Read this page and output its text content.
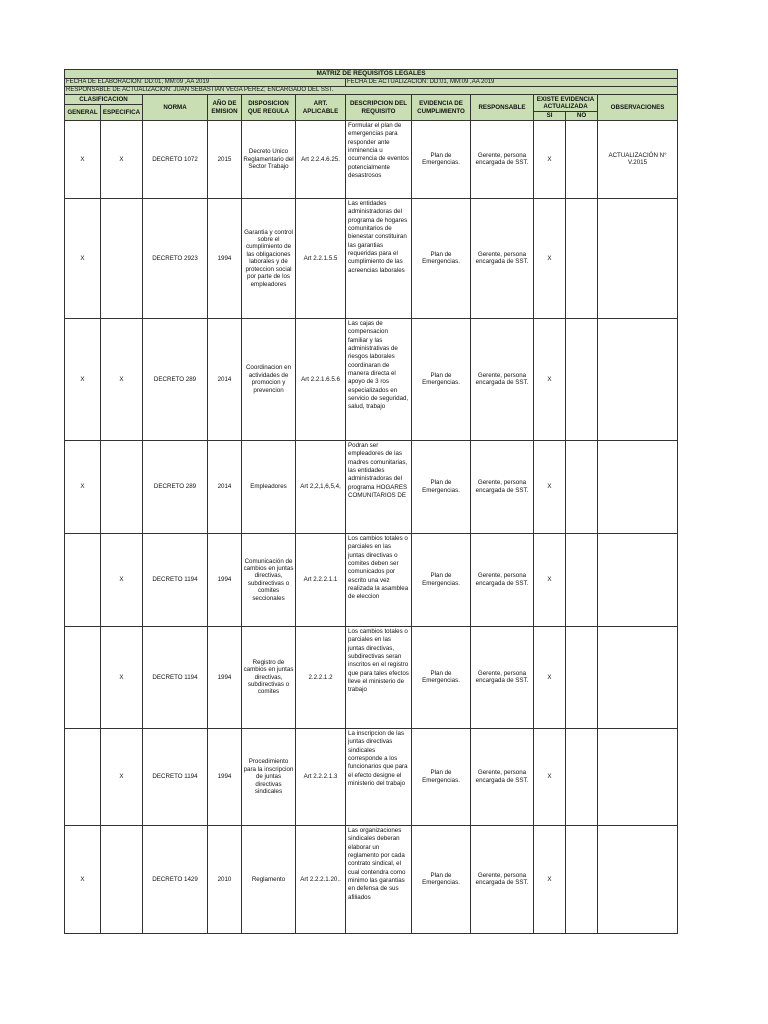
MATRIZ DE REQUISITOS LEGALES											
FECHA DE ELABORACION: DD:01, MM:09 ,AA 2019						FECHA DE ACTUALIZACION: DD:01, MM:09 ,AA 2019					
RESPONSABLE DE ACTUALIZACION: JUAN SEBASTIAN VEGA PEREZ; ENCARGADO DEL SST.											
CLASIFICACION		NORMA	AÑO DE EMISION	DISPOSICION QUE REGULA	ART. APLICABLE	DESCRIPCION DEL REQUISITO	EVIDENCIA DE CUMPLIMIENTO	RESPONSABLE	EXISTE EVIDENCIA ACTUALIZADA		OBSERVACIONES
GENERAL	ESPECIFICA										
									SI	NO	
X	X	DECRETO 1072	2015	Decreto Unico Reglamentario del Sector Trabajo	Art 2.2.4.6.25.	Formular el plan de emergencias para responder ante inminencia u ocurrencia de eventos potencialmente desastrosos	Plan de Emergencias.	Gerente, persona encargada de SST.	X		ACTUALIZACIÓN N° V.2015
X		DECRETO 2923	1994	Garantia y control sobre el cumplimiento de las obligaciones laborales y de proteccion social por parte de los empleadores	Art 2.2.1.5.5	Las entidades administradoras del programa de hogares comunitarios de bienestar constituiran las garantias requeridas para el cumplimiento de las acreencias laborales	Plan de Emergencias.	Gerente, persona encargada de SST.	X		
X	X	DECRETO 289	2014	Coordinacion en actividades de promocion y prevencion	Art 2.2.1.6.5.6	Las cajas de compensacion familiar y las administrativas de riesgos laborales coordinaran de manera directa el apoyo de 3 ros especializados en servicio de seguridad, salud, trabajo	Plan de Emergencias.	Gerente, persona encargada de SST.	X		
X		DECRETO 289	2014	Empleadores	Art 2,2,1,6,5,4,	Podran ser empleadores de las madres comunitarias, las entidades administradoras del programa HOGARES COMUNITARIOS DE	Plan de Emergencias.	Gerente, persona encargada de SST.	X		
	X	DECRETO 1194	1994	Comunicación de cambios en juntas directivas, subdirectivas o comites seccionales	Art 2.2.2.1.1	Los cambios totales o parciales en las juntas directivas o comites deben ser comunicados por escrito una vez realizada la asamblea de eleccion	Plan de Emergencias.	Gerente, persona encargada de SST.	X		
	X	DECRETO 1194	1994	Registro de cambios en juntas directivas, subdirectivas o comites	2.2.2.1.2	Los cambios totales o parciales en las juntas directivas, subdirectivas seran inscritos en el registro que para tales efectos lleve el ministerio de trabajo	Plan de Emergencias.	Gerente, persona encargada de SST.	X		
	X	DECRETO 1194	1994	Procedimiento para la inscripcion de juntas directivas sindicales	Art 2.2.2.1.3	La inscripcion de las juntas directivas sindicales corresponde a los funcionarios que para el efecto designe el ministerio del trabajo	Plan de Emergencias.	Gerente, persona encargada de SST.	X		
X		DECRETO 1429	2010	Reglamento	Art 2.2.2.1.20..	Las organizaciones sindicales deberan elaborar un reglamento por cada contrato sindical, el cual contendra como minimo las garantias en defensa de sus afiliados	Plan de Emergencias.	Gerente, persona encargada de SST.	X		
